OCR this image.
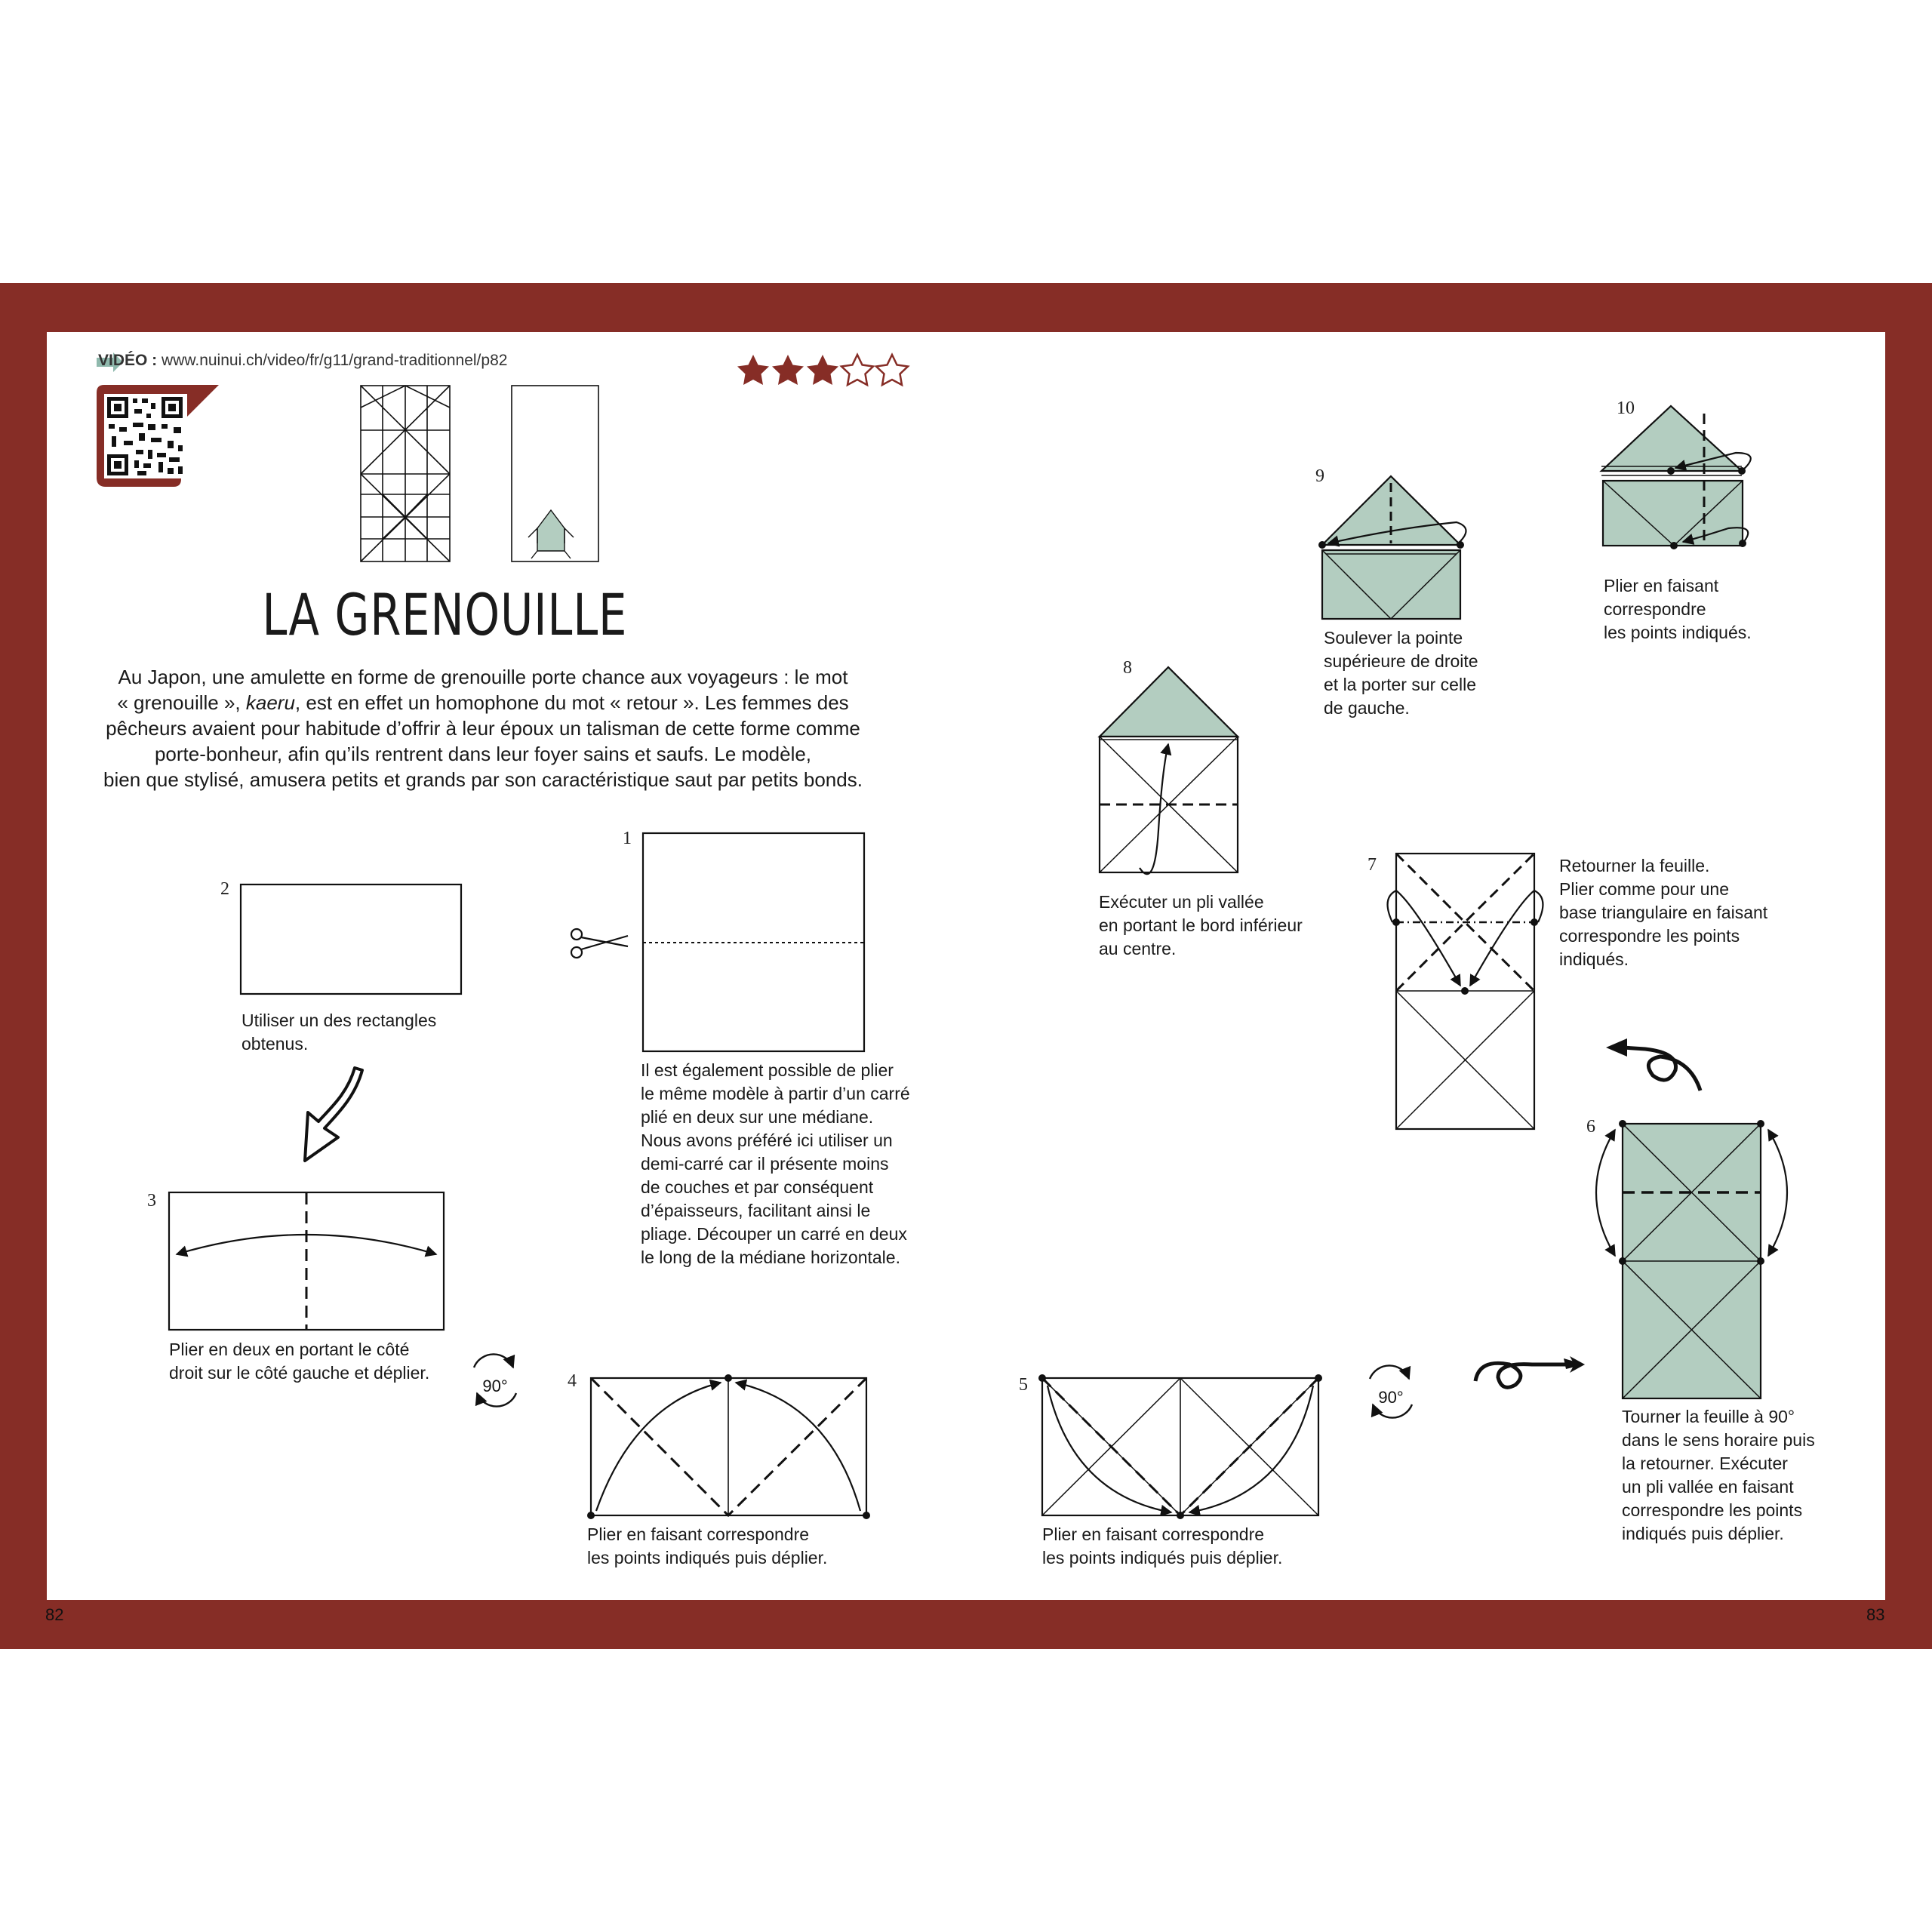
82	83
90°
90°
VIDÉO : www.nuinui.ch/video/fr/g11/grand-traditionnel/p82
LA GRENOUILLE
Au Japon, une amulette en forme de grenouille porte chance aux voyageurs : le mot
« grenouille », kaeru, est en effet un homophone du mot « retour ». Les femmes des
pêcheurs avaient pour habitude d’offrir à leur époux un talisman de cette forme comme
porte-bonheur, afin qu’ils rentrent dans leur foyer sains et saufs. Le modèle,
bien que stylisé, amusera petits et grands par son caractéristique saut par petits bonds.
1
2
3
4	5
6
7
8
9
10
Il est également possible de plier
le même modèle à partir d’un carré
plié en deux sur une médiane.
Nous avons préféré ici utiliser un
demi-carré car il présente moins
de couches et par conséquent
d’épaisseurs, facilitant ainsi le
pliage. Découper un carré en deux
le long de la médiane horizontale.
Utiliser un des rectangles
obtenus.
Plier en deux en portant le côté
droit sur le côté gauche et déplier.
Plier en faisant correspondre
les points indiqués puis déplier.
Plier en faisant correspondre
les points indiqués puis déplier.
Tourner la feuille à 90°
dans le sens horaire puis
la retourner. Exécuter
un pli vallée en faisant
correspondre les points
indiqués puis déplier.
Retourner la feuille.
Plier comme pour une
base triangulaire en faisant
correspondre les points
indiqués.
Exécuter un pli vallée
en portant le bord inférieur
au centre.
Soulever la pointe
supérieure de droite
et la porter sur celle
de gauche.
Plier en faisant
correspondre
les points indiqués.
